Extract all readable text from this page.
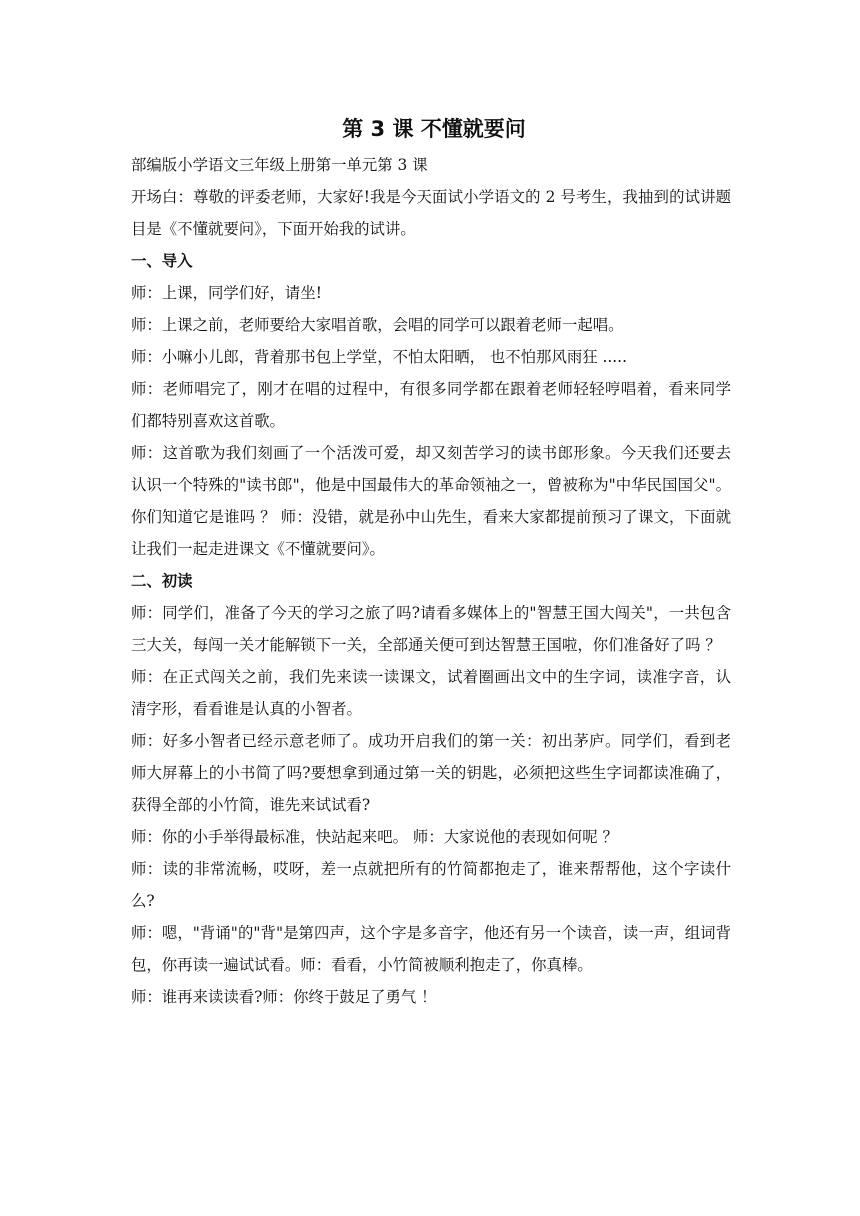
第 3 课 不懂就要问

部编版小学语文三年级上册第一单元第 3 课

开场白：尊敬的评委老师，大家好!我是今天面试小学语文的 2 号考生，我抽到的试讲题目是《不懂就要问》，下面开始我的试讲。

一、导入

师：上课，同学们好，请坐!

师：上课之前，老师要给大家唱首歌，会唱的同学可以跟着老师一起唱。

师：小嘛小儿郎，背着那书包上学堂，不怕太阳晒， 也不怕那风雨狂 .....

师：老师唱完了，刚才在唱的过程中，有很多同学都在跟着老师轻轻哼唱着，看来同学们都特别喜欢这首歌。

师：这首歌为我们刻画了一个活泼可爱，却又刻苦学习的读书郎形象。今天我们还要去认识一个特殊的"读书郎"，他是中国最伟大的革命领袖之一，曾被称为"中华民国国父"。你们知道它是谁吗 ？ 师：没错，就是孙中山先生，看来大家都提前预习了课文，下面就让我们一起走进课文《不懂就要问》。

二、初读

师：同学们，准备了今天的学习之旅了吗?请看多媒体上的"智慧王国大闯关"，一共包含三大关，每闯一关才能解锁下一关，全部通关便可到达智慧王国啦，你们准备好了吗 ？

师：在正式闯关之前，我们先来读一读课文，试着圈画出文中的生字词，读准字音，认清字形，看看谁是认真的小智者。

师：好多小智者已经示意老师了。成功开启我们的第一关：初出茅庐。同学们，看到老师大屏幕上的小书简了吗?要想拿到通过第一关的钥匙，必须把这些生字词都读准确了，获得全部的小竹简，谁先来试试看?

师：你的小手举得最标准，快站起来吧。 师：大家说他的表现如何呢 ？

师：读的非常流畅，哎呀，差一点就把所有的竹简都抱走了，谁来帮帮他，这个字读什么?

师：嗯，"背诵"的"背"是第四声，这个字是多音字，他还有另一个读音，读一声，组词背包，你再读一遍试试看。师：看看，小竹简被顺利抱走了，你真棒。

师：谁再来读读看?师：你终于鼓足了勇气 ！
